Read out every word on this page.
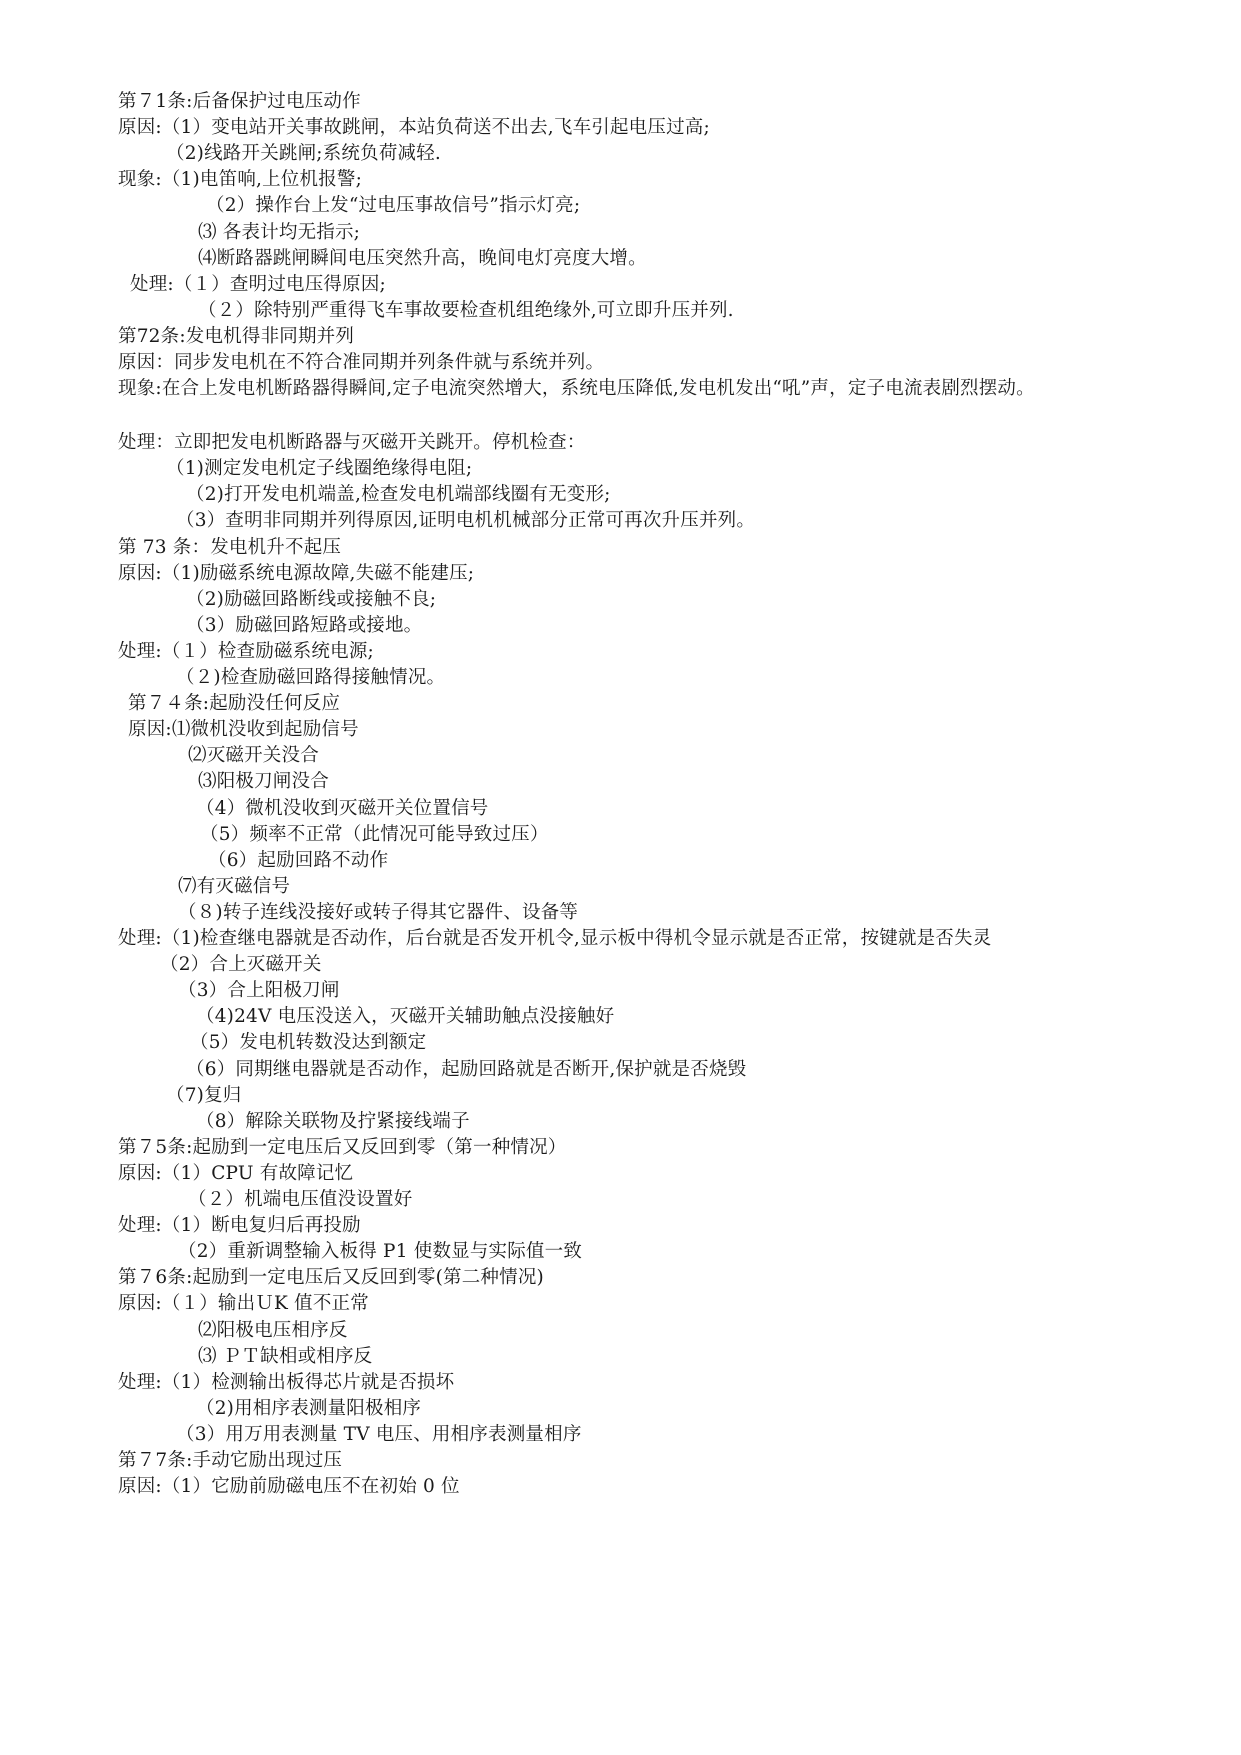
第７1条:后备保护过电压动作
原因:（1）变电站开关事故跳闸，本站负荷送不出去,飞车引起电压过高;
（2)线路开关跳闸;系统负荷减轻.
现象:（1)电笛响,上位机报警;
（2）操作台上发“过电压事故信号”指示灯亮;
⑶ 各表计均无指示;
⑷断路器跳闸瞬间电压突然升高，晚间电灯亮度大增。
处理:（１）查明过电压得原因;
（２）除特别严重得飞车事故要检查机组绝缘外,可立即升压并列.
第72条:发电机得非同期并列
原因：同步发电机在不符合准同期并列条件就与系统并列。
现象:在合上发电机断路器得瞬间,定子电流突然增大，系统电压降低,发电机发出“吼”声，定子电流表剧烈摆动。
处理：立即把发电机断路器与灭磁开关跳开。停机检查：
（1)测定发电机定子线圈绝缘得电阻;
（2)打开发电机端盖,检查发电机端部线圈有无变形;
（3）查明非同期并列得原因,证明电机机械部分正常可再次升压并列。
第 73 条：发电机升不起压
原因:（1)励磁系统电源故障,失磁不能建压;
（2)励磁回路断线或接触不良;
（3）励磁回路短路或接地。
处理:（１）检查励磁系统电源;
（２)检查励磁回路得接触情况。
第７４条:起励没任何反应
原因:⑴微机没收到起励信号
⑵灭磁开关没合
⑶阳极刀闸没合
（4）微机没收到灭磁开关位置信号
（5）频率不正常（此情况可能导致过压）
（6）起励回路不动作
⑺有灭磁信号
（８)转子连线没接好或转子得其它器件、设备等
处理:（1)检查继电器就是否动作，后台就是否发开机令,显示板中得机令显示就是否正常，按键就是否失灵
（2）合上灭磁开关
（3）合上阳极刀闸
（4)24V 电压没送入，灭磁开关辅助触点没接触好
（5）发电机转数没达到额定
（6）同期继电器就是否动作，起励回路就是否断开,保护就是否烧毁
（7)复归
（8）解除关联物及拧紧接线端子
第７5条:起励到一定电压后又反回到零（第一种情况）
原因:（1）CPU 有故障记忆
（２）机端电压值没设置好
处理:（1）断电复归后再投励
（2）重新调整输入板得 P1 使数显与实际值一致
第７6条:起励到一定电压后又反回到零(第二种情况)
原因:（１）输出ＵK 值不正常
⑵阳极电压相序反
⑶ ＰＴ缺相或相序反
处理:（1）检测输出板得芯片就是否损坏
（2)用相序表测量阳极相序
（3）用万用表测量 TV 电压、用相序表测量相序
第７7条:手动它励出现过压
原因:（1）它励前励磁电压不在初始 0 位
